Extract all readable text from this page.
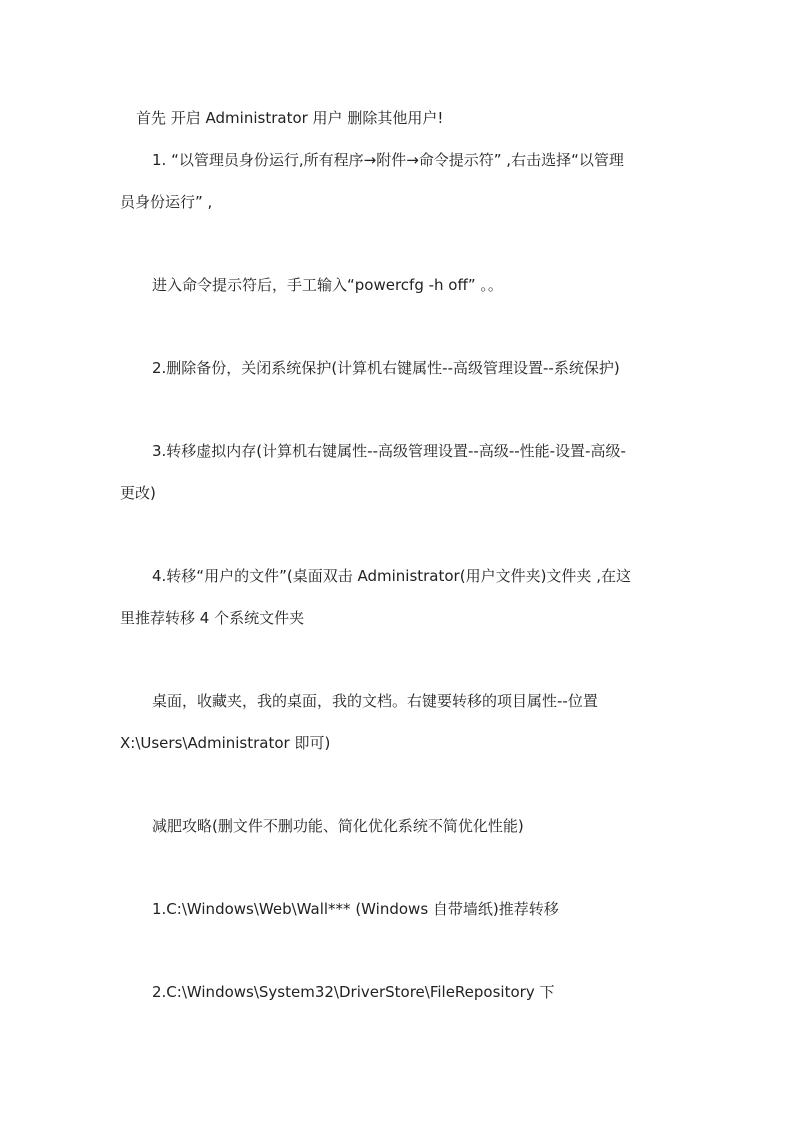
首先 开启 Administrator 用户 删除其他用户!
1. “以管理员身份运行,所有程序→附件→命令提示符” ,右击选择“以管理
员身份运行” ,
进入命令提示符后，手工输入“powercfg -h off” 。。
2.删除备份，关闭系统保护(计算机右键属性--高级管理设置--系统保护)
3.转移虚拟内存(计算机右键属性--高级管理设置--高级--性能-设置-高级-
更改)
4.转移“用户的文件”(桌面双击 Administrator(用户文件夹)文件夹 ,在这
里推荐转移 4 个系统文件夹
桌面，收藏夹，我的桌面，我的文档。右键要转移的项目属性--位置
X:\Users\Administrator 即可)
减肥攻略(删文件不删功能、简化优化系统不简优化性能)
1.C:\Windows\Web\Wall*** (Windows 自带墙纸)推荐转移
2.C:\Windows\System32\DriverStore\FileRepository 下
